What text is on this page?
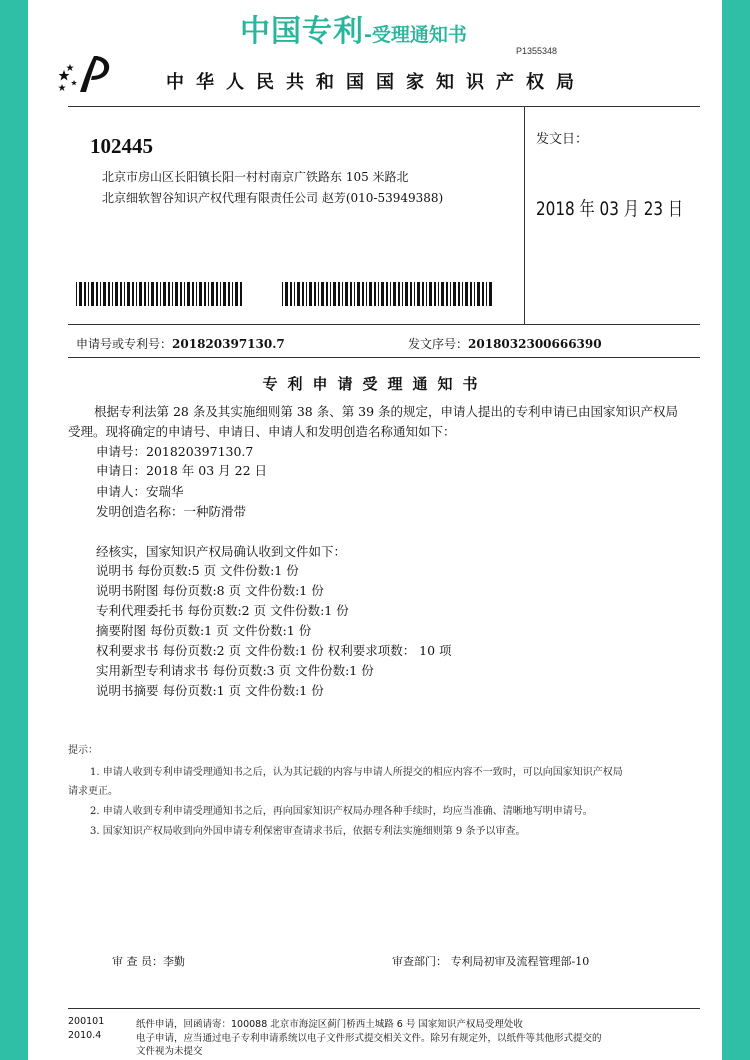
中国专利-受理通知书
P1355348
中华人民共和国国家知识产权局
102445
北京市房山区长阳镇长阳一村村南京广铁路东 105 米路北
北京细软智谷知识产权代理有限责任公司 赵芳(010-53949388)
发文日：
2018 年 03 月 23 日
申请号或专利号：201820397130.7	发文序号：2018032300666390
专利申请受理通知书
根据专利法第 28 条及其实施细则第 38 条、第 39 条的规定，申请人提出的专利申请已由国家知识产权局
受理。现将确定的申请号、申请日、申请人和发明创造名称通知如下：
申请号：201820397130.7
申请日：2018 年 03 月 22 日
申请人：安瑞华
发明创造名称：一种防滑带
经核实，国家知识产权局确认收到文件如下：
说明书 每份页数:5 页 文件份数:1 份
说明书附图 每份页数:8 页 文件份数:1 份
专利代理委托书 每份页数:2 页 文件份数:1 份
摘要附图 每份页数:1 页 文件份数:1 份
权利要求书 每份页数:2 页 文件份数:1 份 权利要求项数： 10 项
实用新型专利请求书 每份页数:3 页 文件份数:1 份
说明书摘要 每份页数:1 页 文件份数:1 份
提示：
1. 申请人收到专利申请受理通知书之后，认为其记载的内容与申请人所提交的相应内容不一致时，可以向国家知识产权局
请求更正。
2. 申请人收到专利申请受理通知书之后，再向国家知识产权局办理各种手续时，均应当准确、清晰地写明申请号。
3. 国家知识产权局收到向外国申请专利保密审查请求书后，依据专利法实施细则第 9 条予以审查。
审 查 员：李勤	审查部门： 专利局初审及流程管理部-10
200101
2010.4
纸件申请，回函请寄：100088 北京市海淀区蓟门桥西土城路 6 号 国家知识产权局受理处收
电子申请，应当通过电子专利申请系统以电子文件形式提交相关文件。除另有规定外，以纸件等其他形式提交的
文件视为未提交
